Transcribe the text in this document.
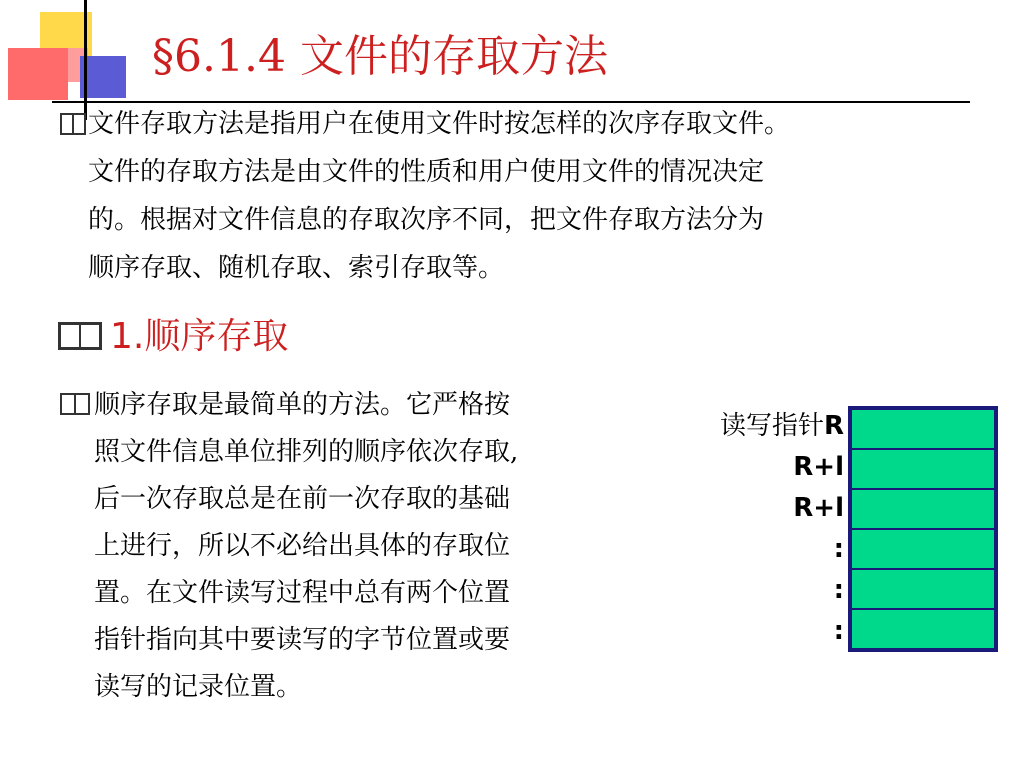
§6.1.4 文件的存取方法

文件存取方法是指用户在使用文件时按怎样的次序存取文件。
文件的存取方法是由文件的性质和用户使用文件的情况决定
的。根据对文件信息的存取次序不同，把文件存取方法分为
顺序存取、随机存取、索引存取等。

1.顺序存取

顺序存取是最简单的方法。它严格按
照文件信息单位排列的顺序依次存取,
后一次存取总是在前一次存取的基础
上进行，所以不必给出具体的存取位
置。在文件读写过程中总有两个位置
指针指向其中要读写的字节位置或要
读写的记录位置。

读写指针R
R+l
R+l
:
:
:
